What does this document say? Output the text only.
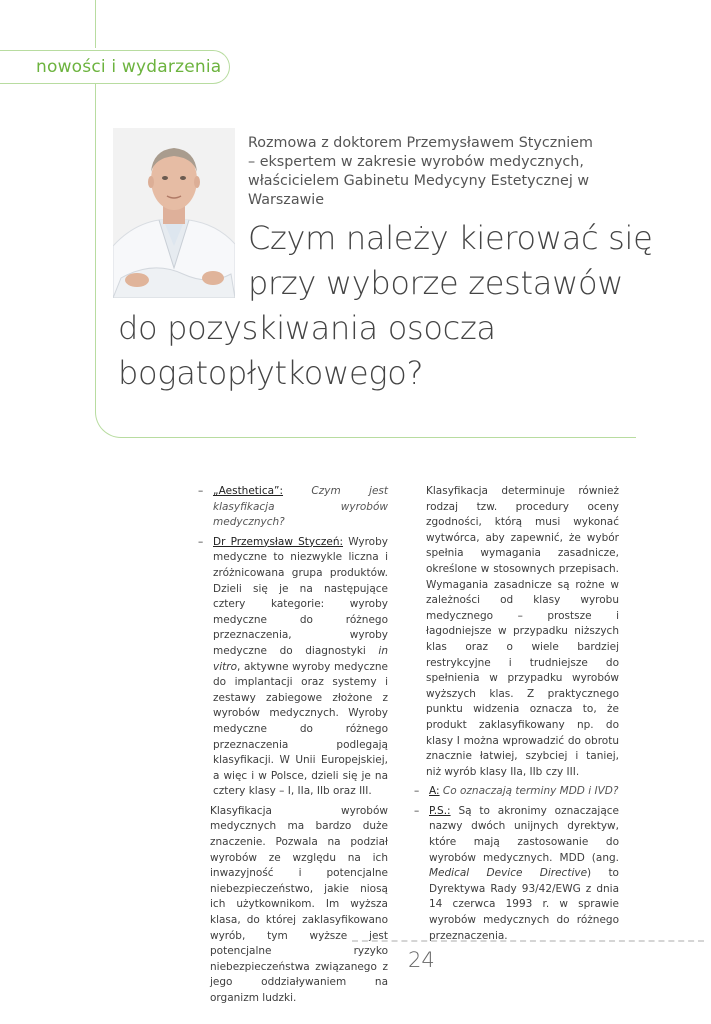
nowości i wydarzenia
Rozmowa z doktorem Przemysławem Styczniem
– ekspertem w zakresie wyrobów medycznych,
właścicielem Gabinetu Medycyny Estetycznej w Warszawie
Czym należy kierować się
przy wyborze zestawów
do pozyskiwania osocza
bogatopłytkowego?
– „Aesthetica”:	Czym jest klasyfikacja wyrobów medycznych?
– Dr Przemysław Styczeń: Wyroby medyczne to niezwykle liczna i zróżnicowana grupa produktów. Dzieli się je na następujące cztery kategorie: wyroby medyczne do różnego przeznaczenia, wyroby medyczne do diagnostyki in vitro, aktywne wyroby medyczne do implantacji oraz systemy i zestawy zabiegowe złożone z wyrobów medycznych. Wyroby medyczne do różnego przeznaczenia podlegają klasyfikacji. W Unii Europejskiej, a więc i w Polsce, dzieli się je na cztery klasy – I, IIa, IIb oraz III.
Klasyfikacja wyrobów medycznych ma bardzo duże znaczenie. Pozwala na podział wyrobów ze względu na ich inwazyjność i potencjalne niebezpieczeństwo, jakie niosą ich użytkownikom. Im wyższa klasa, do której zaklasyfikowano wyrób, tym wyższe jest potencjalne ryzyko niebezpieczeństwa związanego z jego oddziaływaniem na organizm ludzki.
Klasyfikacja determinuje również rodzaj tzw. procedury oceny zgodności, którą musi wykonać wytwórca, aby zapewnić, że wybór spełnia wymagania zasadnicze, określone w stosownych przepisach. Wymagania zasadnicze są rożne w zależności od klasy wyrobu medycznego – prostsze i łagodniejsze w przypadku niższych klas oraz o wiele bardziej restrykcyjne i trudniejsze do spełnienia w przypadku wyrobów wyższych klas. Z praktycznego punktu widzenia oznacza to, że produkt zaklasyfikowany np. do klasy I można wprowadzić do obrotu znacznie łatwiej, szybciej i taniej, niż wyrób klasy IIa, IIb czy III.
– A: Co oznaczają terminy MDD i IVD?
– P.S.: Są to akronimy oznaczające nazwy dwóch unijnych dyrektyw, które mają zastosowanie do wyrobów medycznych. MDD (ang. Medical Device Directive) to Dyrektywa Rady 93/42/EWG z dnia 14 czerwca 1993 r. w sprawie wyrobów medycznych do różnego przeznaczenia.
24
